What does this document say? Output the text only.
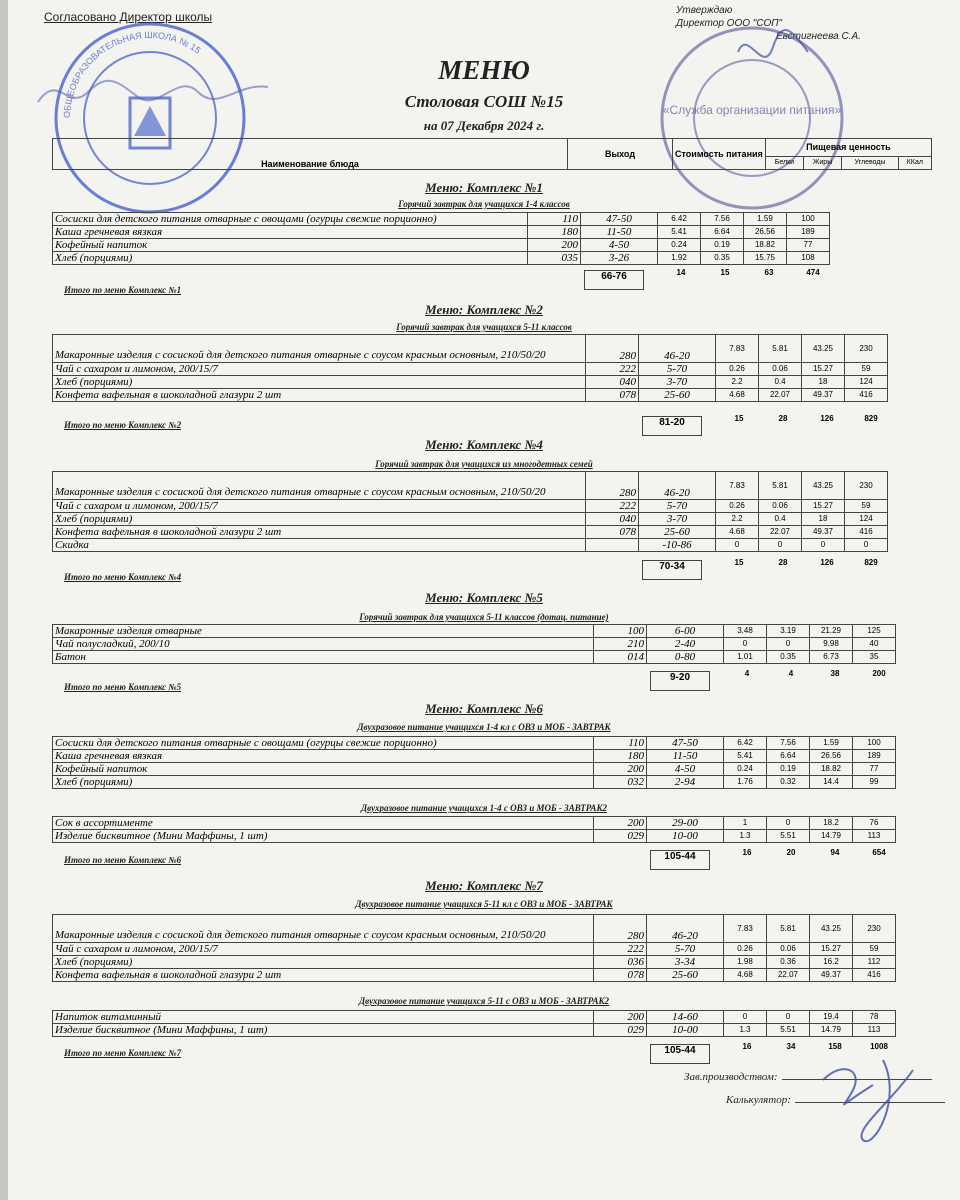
Согласовано Директор школы	Утверждаю
Директор ООО "СОП"
Евстигнеева С.А.
ОБЩЕОБРАЗОВАТЕЛЬНАЯ ШКОЛА № 15
«Служба организации питания»
МЕНЮ
Столовая СОШ №15
на 07 Декабря 2024 г.
Наименование блюда	Выход	Стоимость питания	Пищевая ценность			
			Белки	Жиры	Углеводы	ККал
Меню: Комплекс №1
Горячий завтрак для учащихся 1-4 классов
Сосиски для детского питания отварные с овощами (огурцы свежие порционно)	110	47-50	6.42	7.56	1.59	100
Каша гречневая вязкая	180	11-50	5.41	6.64	26.56	189
Кофейный напиток	200	4-50	0.24	0.19	18.82	77
Хлеб (порциями)	035	3-26	1.92	0.35	15.75	108
66-76	14	15	63	474
Итого по меню Комплекс №1
Меню: Комплекс №2
Горячий завтрак для учащихся 5-11 классов
Макаронные изделия с сосиской для детского питания отварные с соусом красным основным, 210/50/20	280	46-20	7.83	5.81	43.25	230
Чай с сахаром и лимоном, 200/15/7	222	5-70	0.26	0.06	15.27	59
Хлеб (порциями)	040	3-70	2.2	0.4	18	124
Конфета вафельная в шоколадной глазури 2 шт	078	25-60	4.68	22.07	49.37	416
81-20	15	28	126	829
Итого по меню Комплекс №2
Меню: Комплекс №4
Горячий завтрак для учащихся из многодетных семей
Макаронные изделия с сосиской для детского питания отварные с соусом красным основным, 210/50/20	280	46-20	7.83	5.81	43.25	230
Чай с сахаром и лимоном, 200/15/7	222	5-70	0.26	0.06	15.27	59
Хлеб (порциями)	040	3-70	2.2	0.4	18	124
Конфета вафельная в шоколадной глазури 2 шт	078	25-60	4.68	22.07	49.37	416
Скидка		-10-86	0	0	0	0
70-34	15	28	126	829
Итого по меню Комплекс №4
Меню: Комплекс №5
Горячий завтрак для учащихся 5-11 классов (дотац. питание)
Макаронные изделия отварные	100	6-00	3.48	3.19	21.29	125
Чай полусладкий, 200/10	210	2-40	0	0	9.98	40
Батон	014	0-80	1.01	0.35	6.73	35
9-20	4	4	38	200
Итого по меню Комплекс №5
Меню: Комплекс №6
Двухразовое питание учащихся 1-4 кл с ОВЗ и МОБ - ЗАВТРАК
Сосиски для детского питания отварные с овощами (огурцы свежие порционно)	110	47-50	6.42	7.56	1.59	100
Каша гречневая вязкая	180	11-50	5.41	6.64	26.56	189
Кофейный напиток	200	4-50	0.24	0.19	18.82	77
Хлеб (порциями)	032	2-94	1.76	0.32	14.4	99
Двухразовое питание учащихся 1-4 с ОВЗ и МОБ - ЗАВТРАК2
Сок в ассортименте	200	29-00	1	0	18.2	76
Изделие бисквитное (Мини Маффины, 1 шт)	029	10-00	1.3	5.51	14.79	113
105-44	16	20	94	654
Итого по меню Комплекс №6
Меню: Комплекс №7
Двухразовое питание учащихся 5-11 кл с ОВЗ и МОБ - ЗАВТРАК
Макаронные изделия с сосиской для детского питания отварные с соусом красным основным, 210/50/20	280	46-20	7.83	5.81	43.25	230
Чай с сахаром и лимоном, 200/15/7	222	5-70	0.26	0.06	15.27	59
Хлеб (порциями)	036	3-34	1.98	0.36	16.2	112
Конфета вафельная в шоколадной глазури 2 шт	078	25-60	4.68	22.07	49.37	416
Двухразовое питание учащихся 5-11 с ОВЗ и МОБ - ЗАВТРАК2
Напиток витаминный	200	14-60	0	0	19.4	78
Изделие бисквитное (Мини Маффины, 1 шт)	029	10-00	1.3	5.51	14.79	113
105-44	16	34	158	1008
Итого по меню Комплекс №7
Зав.производством:
Калькулятор:
